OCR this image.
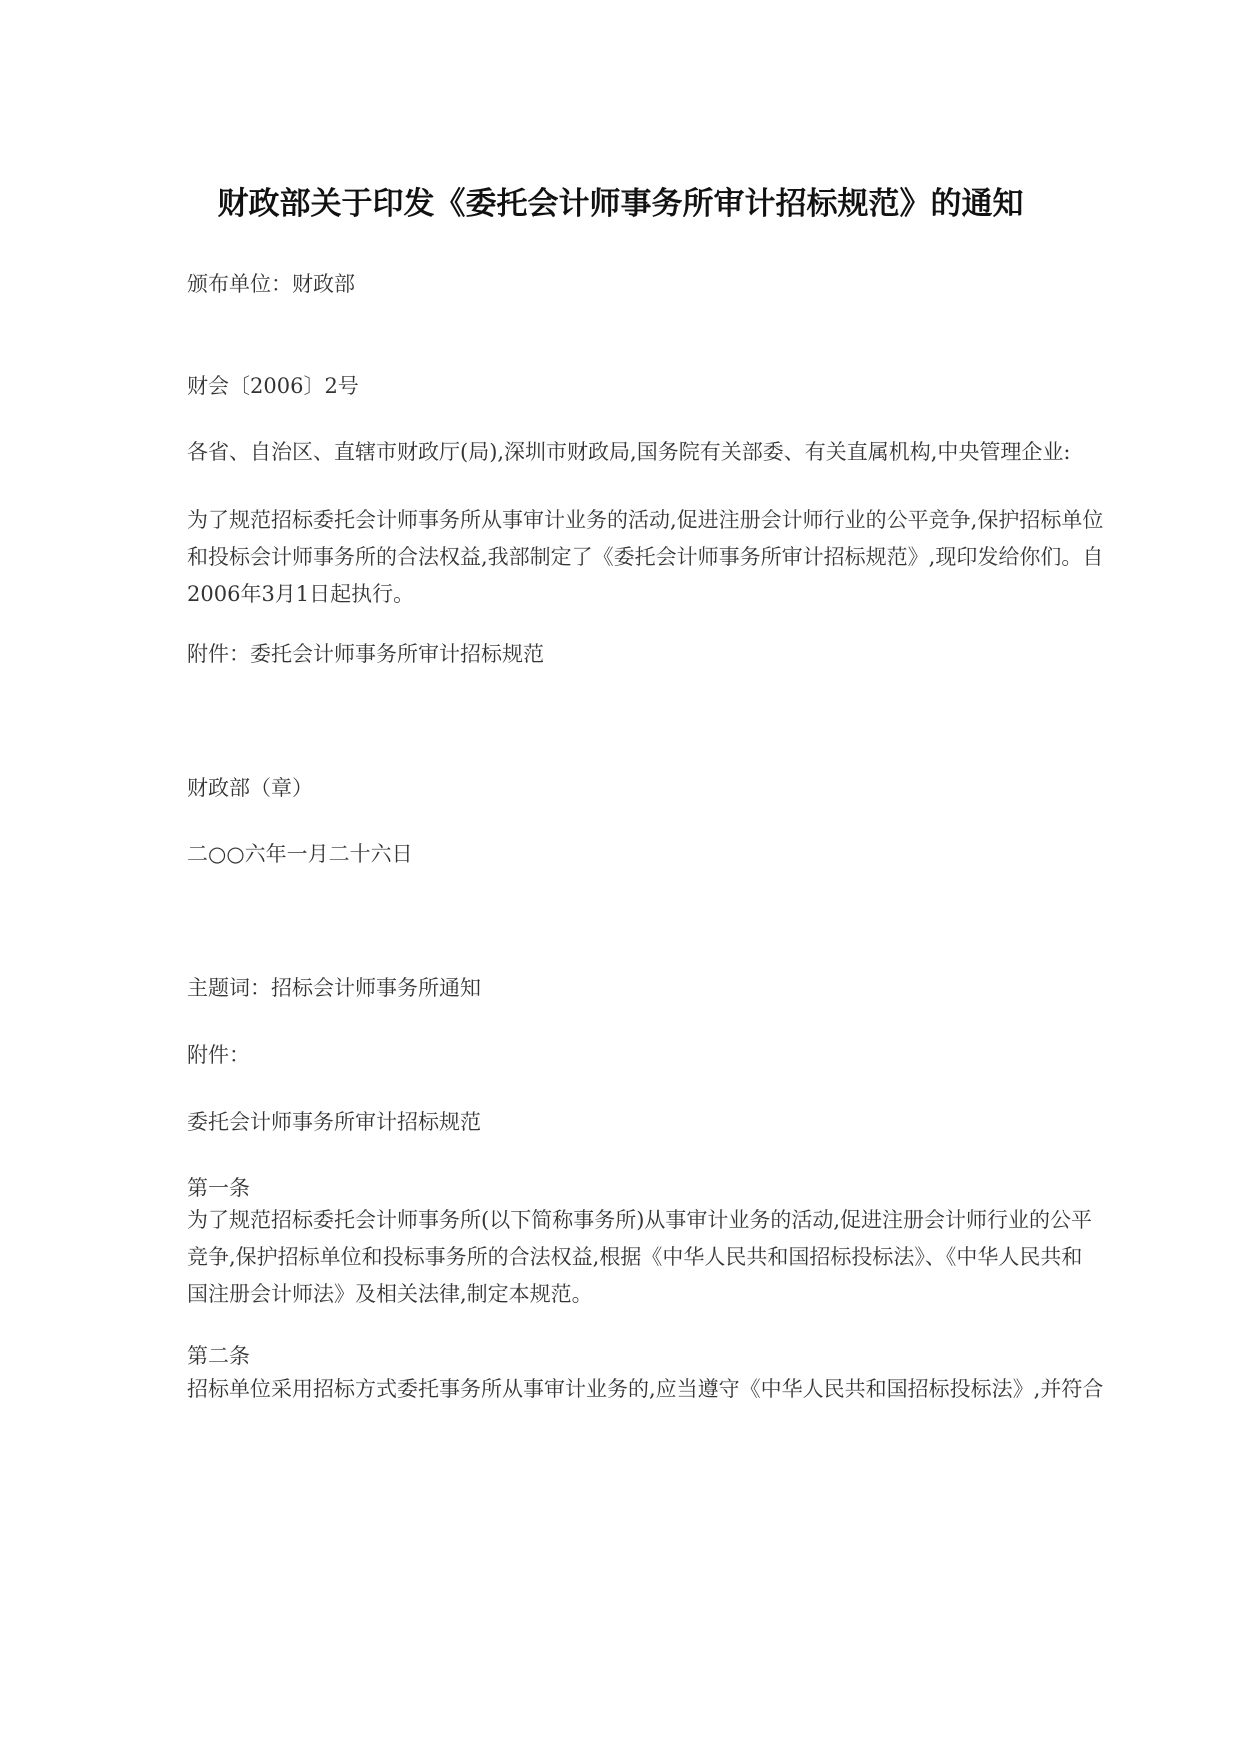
财政部关于印发《委托会计师事务所审计招标规范》的通知
颁布单位：财政部
财会〔2006〕2号
各省、自治区、直辖市财政厅(局),深圳市财政局,国务院有关部委、有关直属机构,中央管理企业:
为了规范招标委托会计师事务所从事审计业务的活动,促进注册会计师行业的公平竞争,保护招标单位
和投标会计师事务所的合法权益,我部制定了《委托会计师事务所审计招标规范》,现印发给你们。自
2006年3月1日起执行。
附件：委托会计师事务所审计招标规范
财政部（章）
二○○六年一月二十六日
主题词：招标会计师事务所通知
附件：
委托会计师事务所审计招标规范
第一条
为了规范招标委托会计师事务所(以下简称事务所)从事审计业务的活动,促进注册会计师行业的公平
竞争,保护招标单位和投标事务所的合法权益,根据《中华人民共和国招标投标法》、《中华人民共和
国注册会计师法》及相关法律,制定本规范。
第二条
招标单位采用招标方式委托事务所从事审计业务的,应当遵守《中华人民共和国招标投标法》,并符合
